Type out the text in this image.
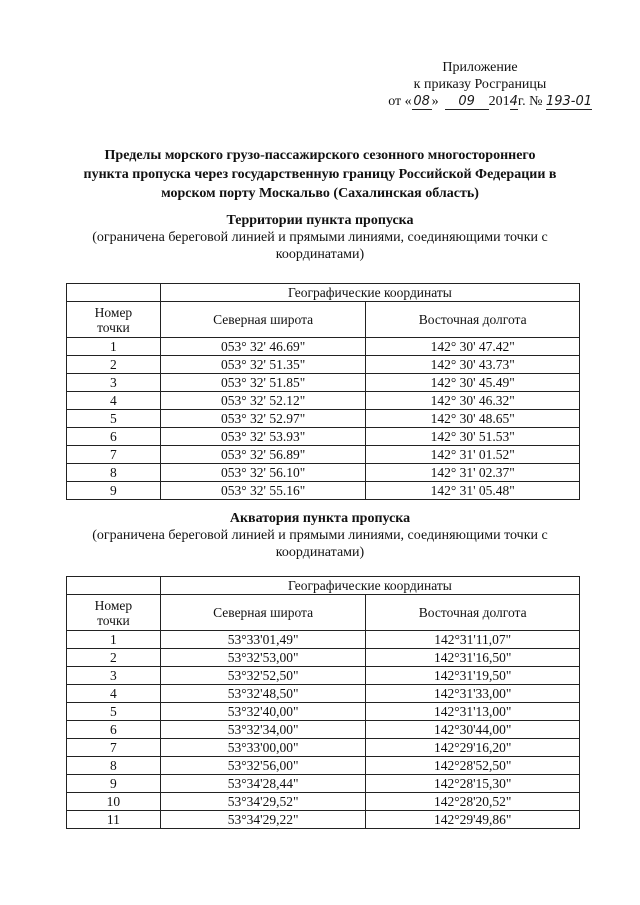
Приложение
к приказу Росграницы
от « 08 » 09 2014г. № 193-01
Пределы морского грузо-пассажирского сезонного многостороннего
пункта пропуска через государственную границу Российской Федерации в
морском порту Москальво (Сахалинская область)
Территории пункта пропуска
(ограничена береговой линией и прямыми линиями, соединяющими точки с
координатами)
	Географические координаты	

Номер
точки	Северная широта	Восточная долгота
1	053° 32' 46.69"	142° 30' 47.42"
2	053° 32' 51.35"	142° 30' 43.73"
3	053° 32' 51.85"	142° 30' 45.49"
4	053° 32' 52.12"	142° 30' 46.32"
5	053° 32' 52.97"	142° 30' 48.65"
6	053° 32' 53.93"	142° 30' 51.53"
7	053° 32' 56.89"	142° 31' 01.52"
8	053° 32' 56.10"	142° 31' 02.37"
9	053° 32' 55.16"	142° 31' 05.48"
Акватория пункта пропуска
(ограничена береговой линией и прямыми линиями, соединяющими точки с
координатами)
	Географические координаты	

Номер
точки	Северная широта	Восточная долгота
1	53°33'01,49"	142°31'11,07"
2	53°32'53,00"	142°31'16,50"
3	53°32'52,50"	142°31'19,50"
4	53°32'48,50"	142°31'33,00"
5	53°32'40,00"	142°31'13,00"
6	53°32'34,00"	142°30'44,00"
7	53°33'00,00"	142°29'16,20"
8	53°32'56,00"	142°28'52,50"
9	53°34'28,44"	142°28'15,30"
10	53°34'29,52"	142°28'20,52"
11	53°34'29,22"	142°29'49,86"
